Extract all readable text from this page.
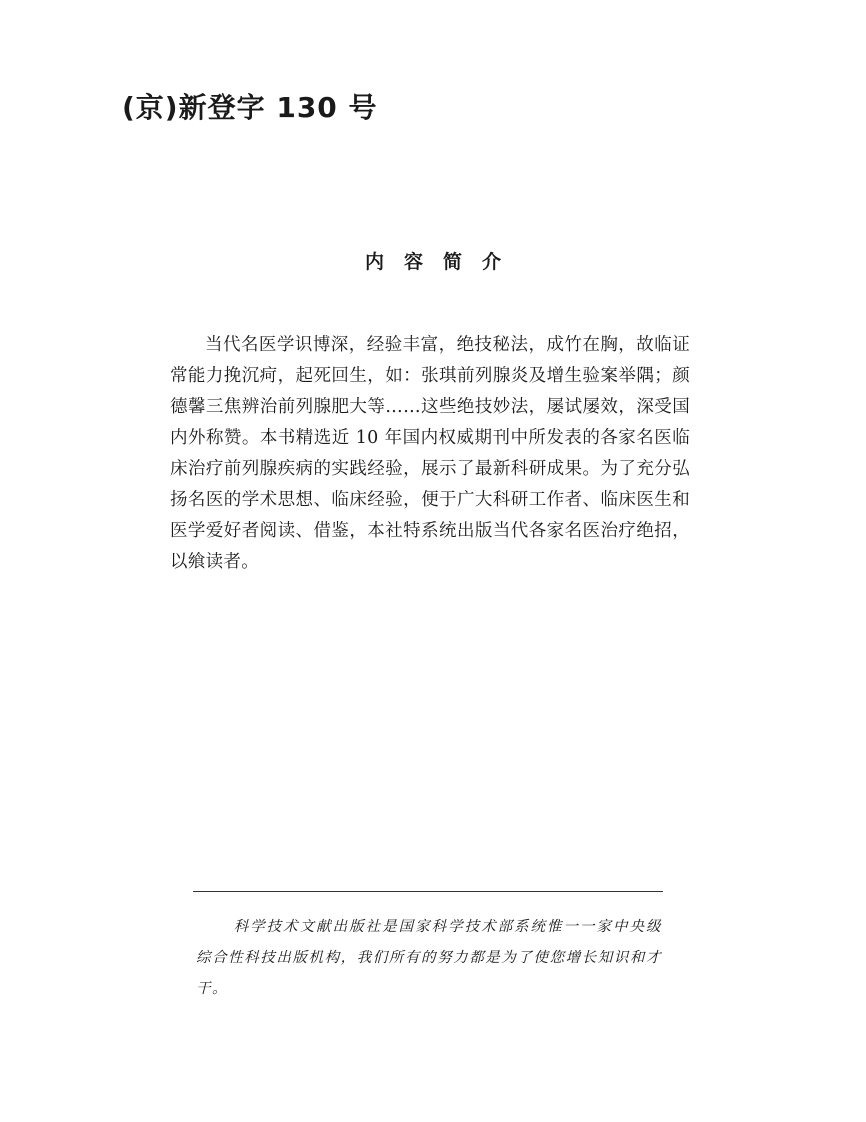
(京)新登字 130 号
内容简介

当代名医学识博深，经验丰富，绝技秘法，成竹在胸，故临证常能力挽沉疴，起死回生，如：张琪前列腺炎及增生验案举隅；颜德馨三焦辨治前列腺肥大等……这些绝技妙法，屡试屡效，深受国内外称赞。本书精选近 10 年国内权威期刊中所发表的各家名医临床治疗前列腺疾病的实践经验，展示了最新科研成果。为了充分弘扬名医的学术思想、临床经验，便于广大科研工作者、临床医生和医学爱好者阅读、借鉴，本社特系统出版当代各家名医治疗绝招，以飨读者。

科学技术文献出版社是国家科学技术部系统惟一一家中央级综合性科技出版机构，我们所有的努力都是为了使您增长知识和才干。
